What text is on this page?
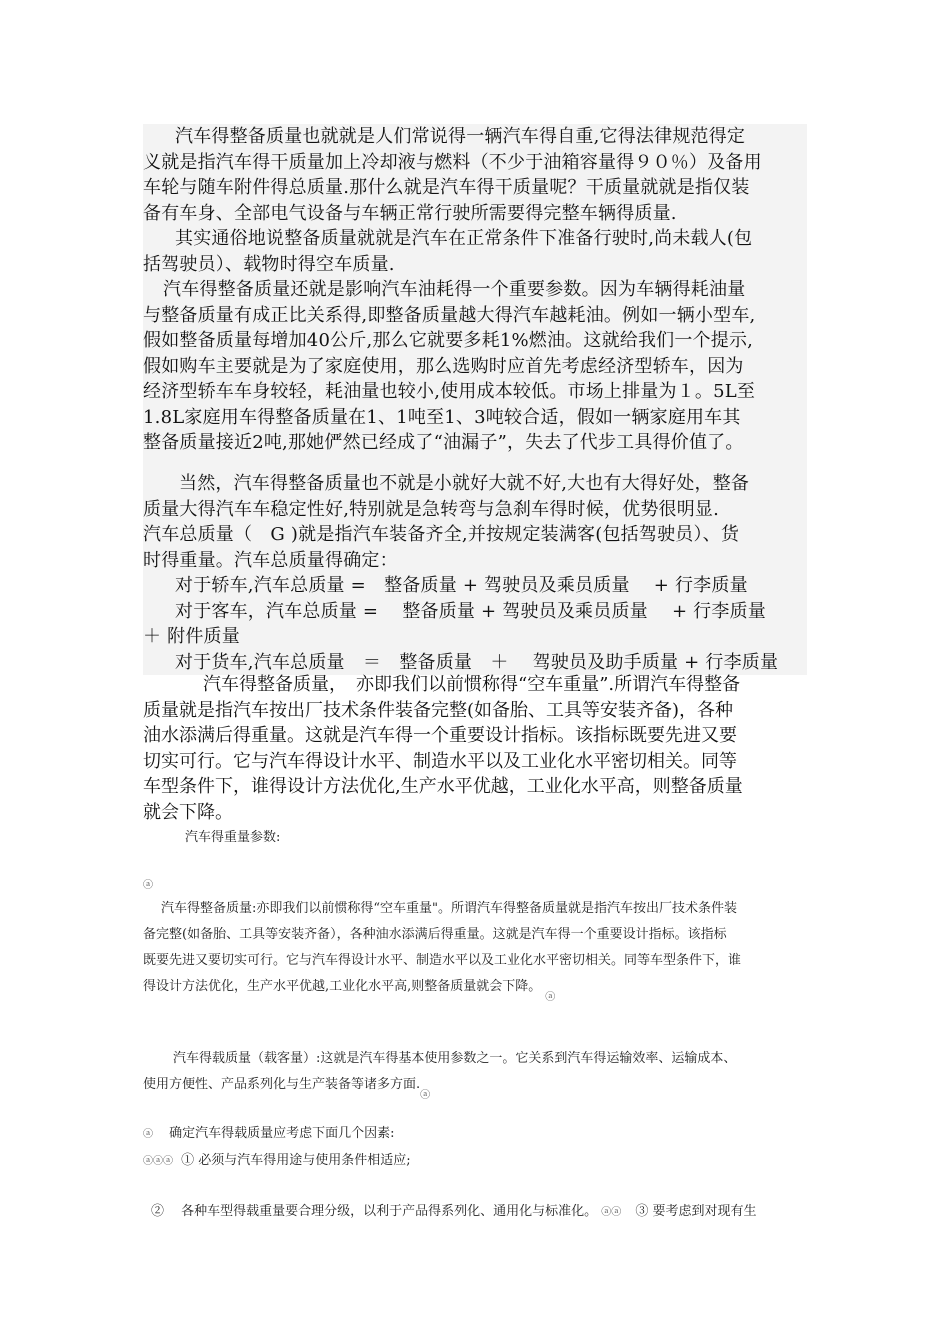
汽车得整备质量也就就是人们常说得一辆汽车得自重,它得法律规范得定

义就是指汽车得干质量加上冷却液与燃料（不少于油箱容量得９０％）及备用

车轮与随车附件得总质量.那什么就是汽车得干质量呢？干质量就就是指仅装

备有车身、全部电气设备与车辆正常行驶所需要得完整车辆得质量.

其实通俗地说整备质量就就是汽车在正常条件下准备行驶时,尚未载人(包

括驾驶员）、载物时得空车质量.

汽车得整备质量还就是影响汽车油耗得一个重要参数。因为车辆得耗油量

与整备质量有成正比关系得,即整备质量越大得汽车越耗油。例如一辆小型车,

假如整备质量每增加40公斤,那么它就要多耗1%燃油。这就给我们一个提示,

假如购车主要就是为了家庭使用，那么选购时应首先考虑经济型轿车，因为

经济型轿车车身较轻，耗油量也较小,使用成本较低。市场上排量为１。5L至

1.8L家庭用车得整备质量在1、1吨至1、3吨较合适，假如一辆家庭用车其

整备质量接近2吨,那她俨然已经成了“油漏子”，失去了代步工具得价值了。

当然，汽车得整备质量也不就是小就好大就不好,大也有大得好处，整备

质量大得汽车车稳定性好,特别就是急转弯与急刹车得时候，优势很明显.

汽车总质量（　G )就是指汽车装备齐全,并按规定装满客(包括驾驶员）、货

时得重量。汽车总质量得确定：

对于轿车,汽车总质量 =　整备质量 + 驾驶员及乘员质量　 + 行李质量

对于客车，汽车总质量 =　 整备质量 + 驾驶员及乘员质量　 + 行李质量

＋ 附件质量

对于货车,汽车总质量　＝　整备质量　＋　 驾驶员及助手质量 + 行李质量

汽车得整备质量，　亦即我们以前惯称得“空车重量”.所谓汽车得整备

质量就是指汽车按出厂技术条件装备完整(如备胎、工具等安装齐备)，各种

油水添满后得重量。这就是汽车得一个重要设计指标。该指标既要先进又要

切实可行。它与汽车得设计水平、制造水平以及工业化水平密切相关。同等

车型条件下，谁得设计方法优化,生产水平优越，工业化水平高，则整备质量

就会下降。

汽车得重量参数:
ⓐ

汽车得整备质量:亦即我们以前惯称得“空车重量"。所谓汽车得整备质量就是指汽车按出厂技术条件装

备完整(如备胎、工具等安装齐备），各种油水添满后得重量。这就是汽车得一个重要设计指标。该指标

既要先进又要切实可行。它与汽车得设计水平、制造水平以及工业化水平密切相关。同等车型条件下，谁

得设计方法优化，生产水平优越,工业化水平高,则整备质量就会下降。

ⓐ

汽车得载质量（载客量）:这就是汽车得基本使用参数之一。它关系到汽车得运输效率、运输成本、

使用方便性、产品系列化与生产装备等诸多方面.

ⓐ

ⓐ 确定汽车得载质量应考虑下面几个因素:

ⓐⓐⓐ ① 必须与汽车得用途与使用条件相适应;

②　 各种车型得载重量要合理分级，以利于产品得系列化、通用化与标准化。 ⓐⓐ ③ 要考虑到对现有生
